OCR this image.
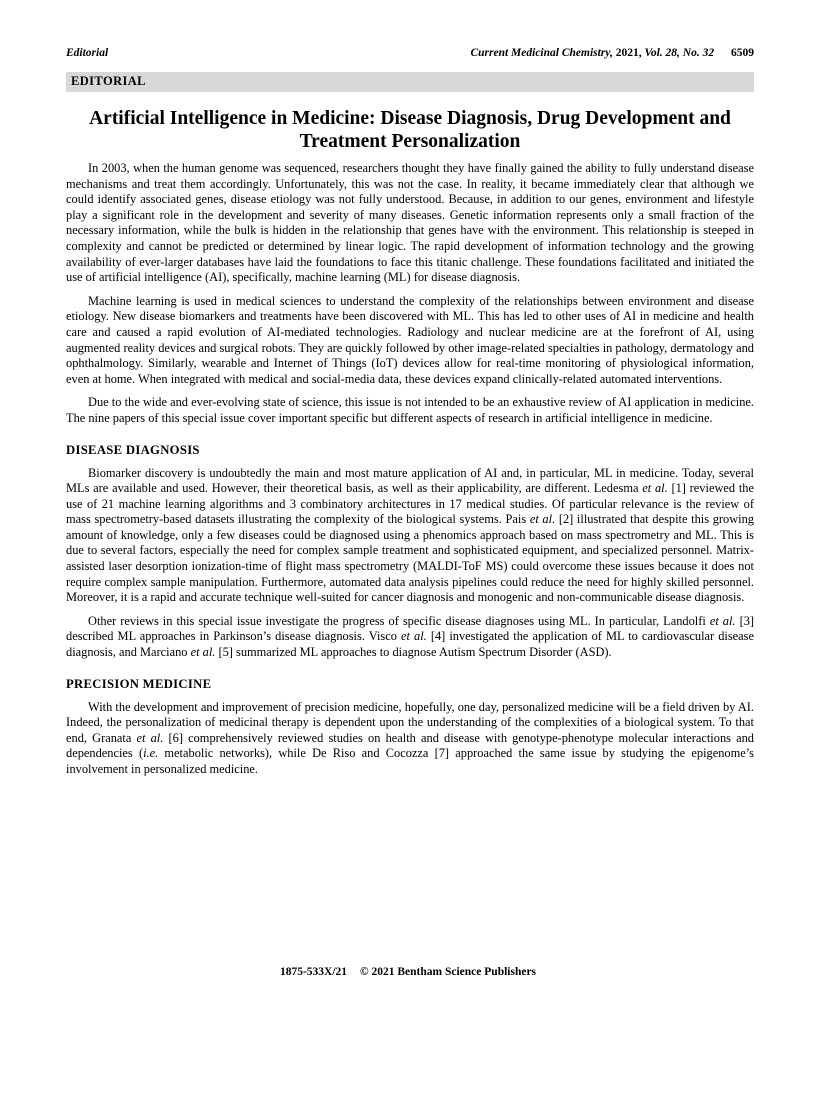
Editorial	Current Medicinal Chemistry, 2021, Vol. 28, No. 32 6509
EDITORIAL
Artificial Intelligence in Medicine: Disease Diagnosis, Drug Development and Treatment Personalization

In 2003, when the human genome was sequenced, researchers thought they have finally gained the ability to fully understand disease mechanisms and treat them accordingly. Unfortunately, this was not the case. In reality, it became immediately clear that although we could identify associated genes, disease etiology was not fully understood. Because, in addition to our genes, environment and lifestyle play a significant role in the development and severity of many diseases. Genetic information represents only a small fraction of the necessary information, while the bulk is hidden in the relationship that genes have with the environment. This relationship is steeped in complexity and cannot be predicted or determined by linear logic. The rapid development of information technology and the growing availability of ever-larger databases have laid the foundations to face this titanic challenge. These foundations facilitated and initiated the use of artificial intelligence (AI), specifically, machine learning (ML) for disease diagnosis.

Machine learning is used in medical sciences to understand the complexity of the relationships between environment and disease etiology. New disease biomarkers and treatments have been discovered with ML. This has led to other uses of AI in medicine and health care and caused a rapid evolution of AI-mediated technologies. Radiology and nuclear medicine are at the forefront of AI, using augmented reality devices and surgical robots. They are quickly followed by other image-related specialties in pathology, dermatology and ophthalmology. Similarly, wearable and Internet of Things (IoT) devices allow for real-time monitoring of physiological information, even at home. When integrated with medical and social-media data, these devices expand clinically-related automated interventions.

Due to the wide and ever-evolving state of science, this issue is not intended to be an exhaustive review of AI application in medicine. The nine papers of this special issue cover important specific but different aspects of research in artificial intelligence in medicine.

DISEASE DIAGNOSIS

Biomarker discovery is undoubtedly the main and most mature application of AI and, in particular, ML in medicine. Today, several MLs are available and used. However, their theoretical basis, as well as their applicability, are different. Ledesma et al. [1] reviewed the use of 21 machine learning algorithms and 3 combinatory architectures in 17 medical studies. Of particular relevance is the review of mass spectrometry-based datasets illustrating the complexity of the biological systems. Pais et al. [2] illustrated that despite this growing amount of knowledge, only a few diseases could be diagnosed using a phenomics approach based on mass spectrometry and ML. This is due to several factors, especially the need for complex sample treatment and sophisticated equipment, and specialized personnel. Matrix-assisted laser desorption ionization-time of flight mass spectrometry (MALDI-ToF MS) could overcome these issues because it does not require complex sample manipulation. Furthermore, automated data analysis pipelines could reduce the need for highly skilled personnel. Moreover, it is a rapid and accurate technique well-suited for cancer diagnosis and monogenic and non-communicable disease diagnosis.

Other reviews in this special issue investigate the progress of specific disease diagnoses using ML. In particular, Landolfi et al. [3] described ML approaches in Parkinson’s disease diagnosis. Visco et al. [4] investigated the application of ML to cardiovascular disease diagnosis, and Marciano et al. [5] summarized ML approaches to diagnose Autism Spectrum Disorder (ASD).

PRECISION MEDICINE

With the development and improvement of precision medicine, hopefully, one day, personalized medicine will be a field driven by AI. Indeed, the personalization of medicinal therapy is dependent upon the understanding of the complexities of a biological system. To that end, Granata et al. [6] comprehensively reviewed studies on health and disease with genotype-phenotype molecular interactions and dependencies (i.e. metabolic networks), while De Riso and Cocozza [7] approached the same issue by studying the epigenome’s involvement in personalized medicine.

1875-533X/21 © 2021 Bentham Science Publishers
